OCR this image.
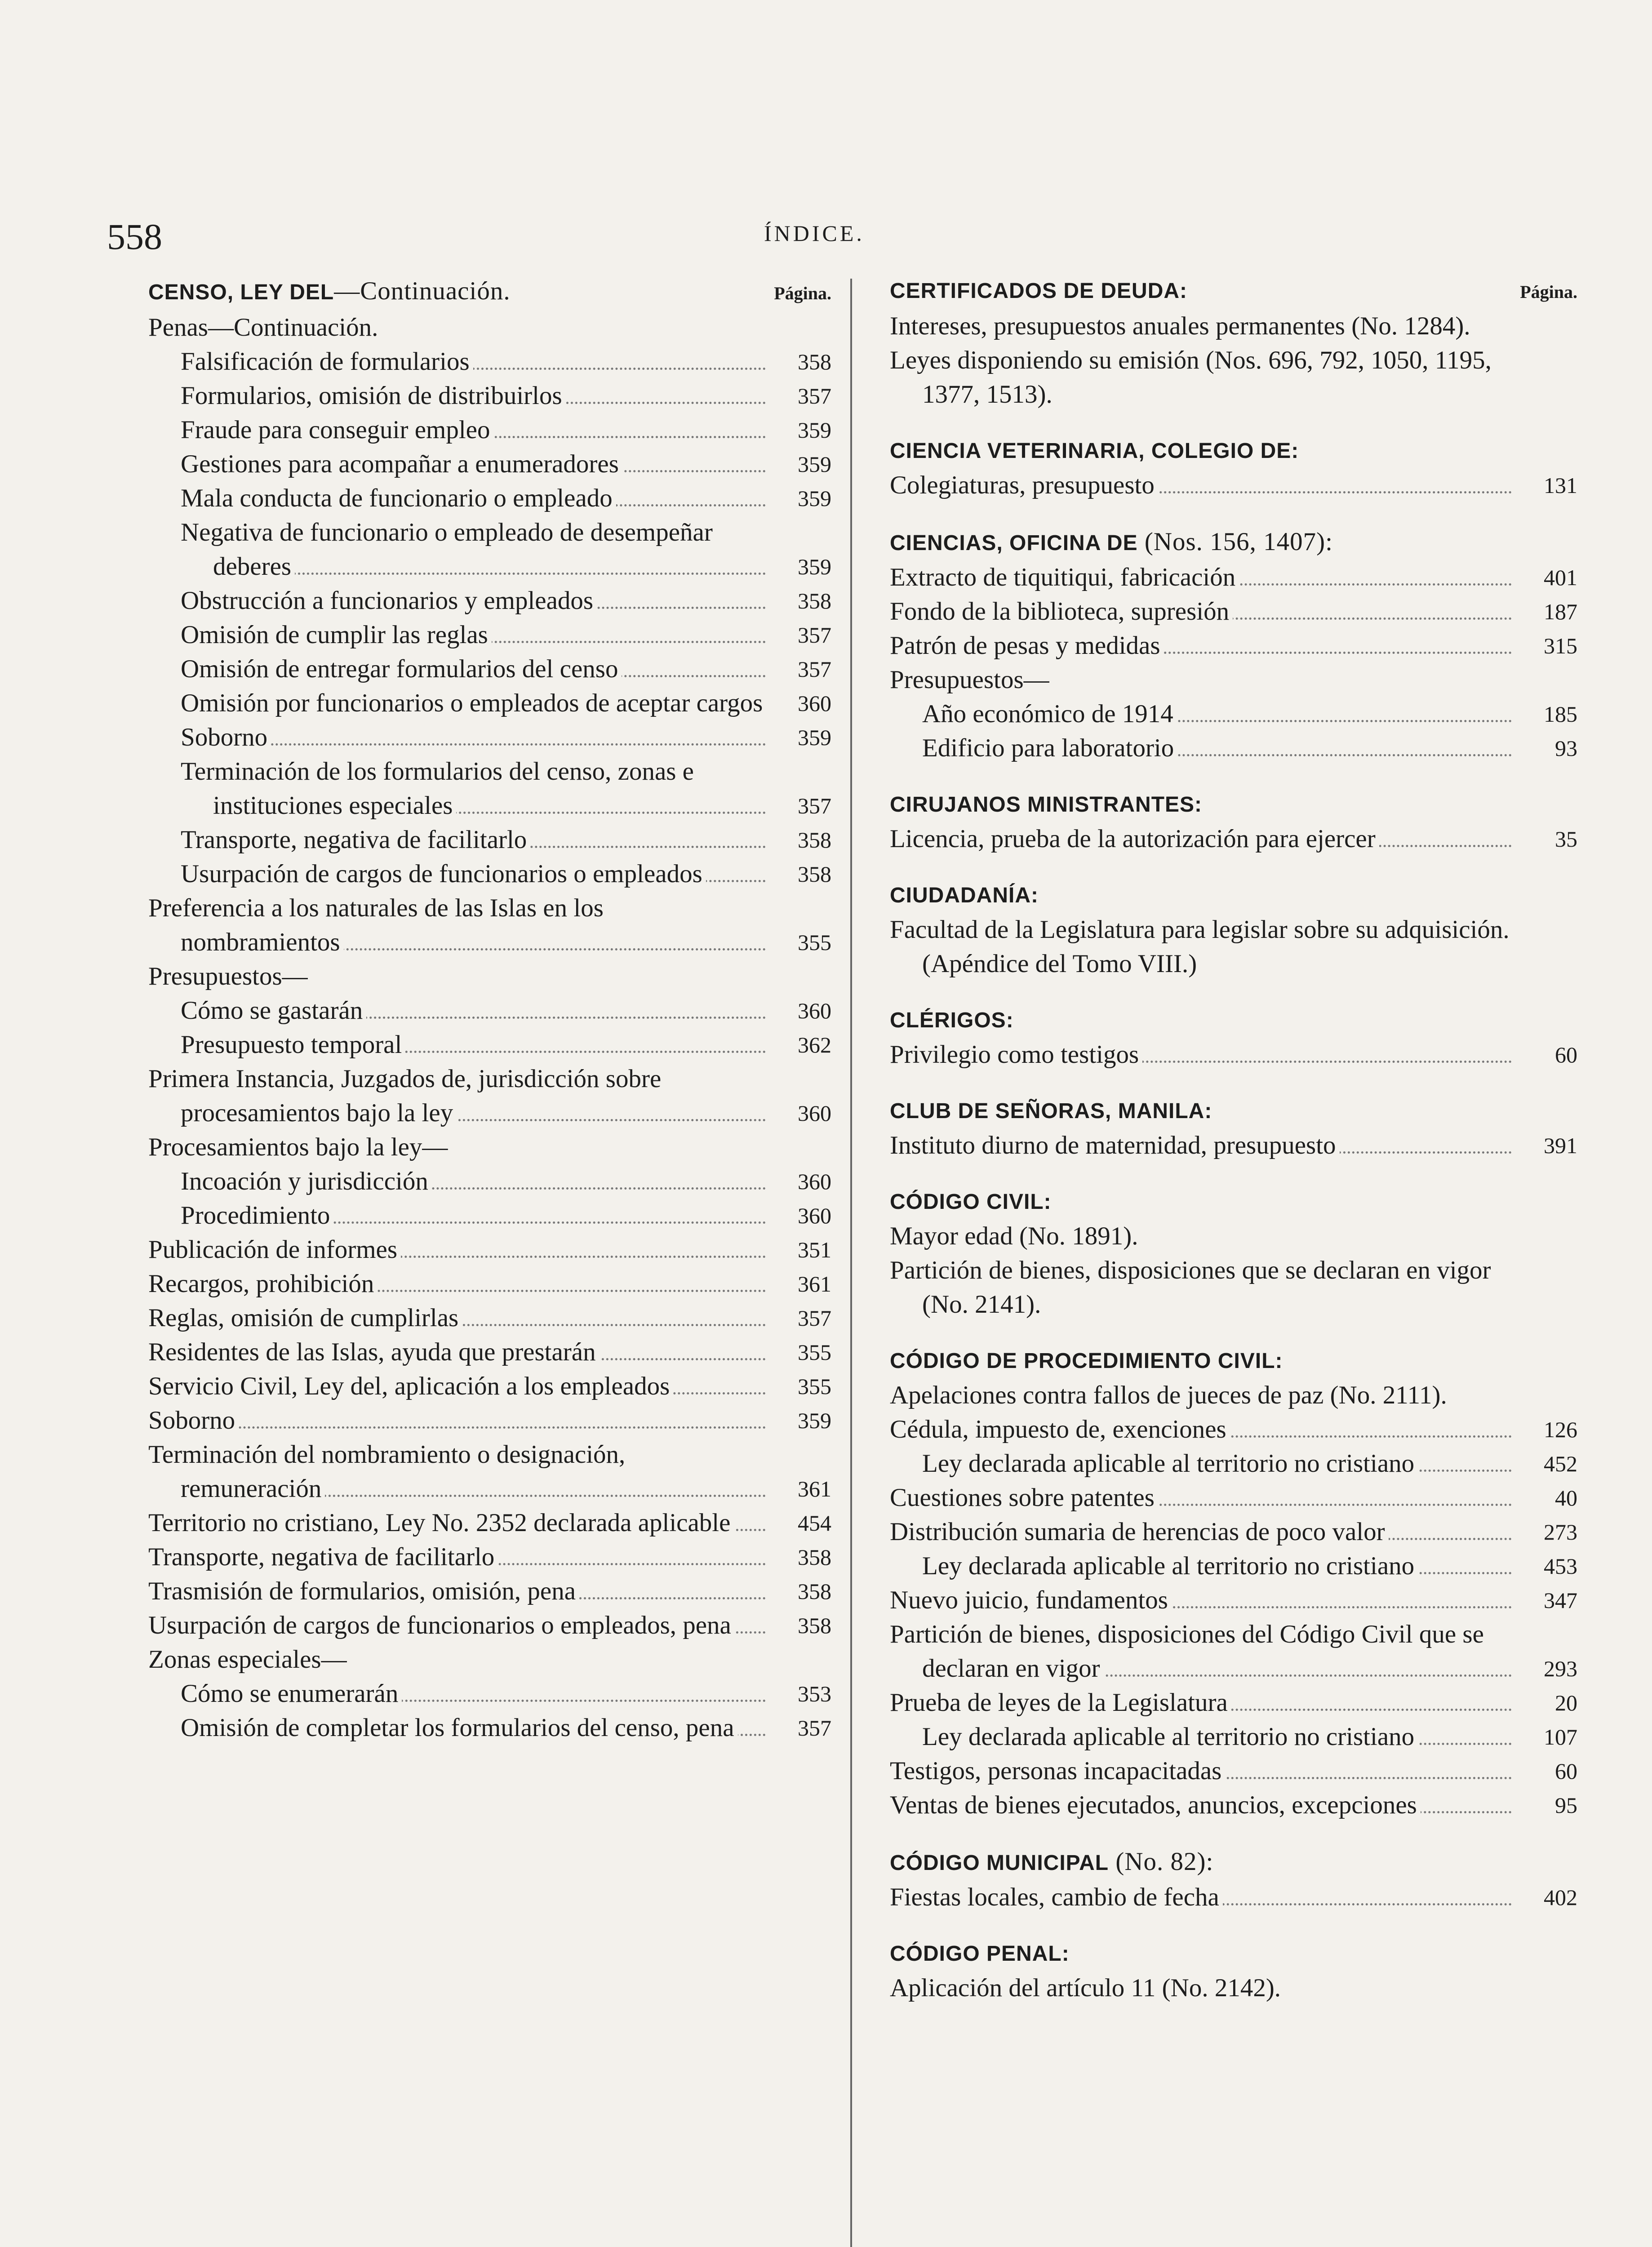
558	ÍNDICE.
CENSO, LEY DEL—Continuación.	Página.
Penas—Continuación.
Falsificación de formularios	358
Formularios, omisión de distribuirlos	357
Fraude para conseguir empleo	359
Gestiones para acompañar a enumeradores	359
Mala conducta de funcionario o empleado	359
Negativa de funcionario o empleado de desempeñar deberes	359
Obstrucción a funcionarios y empleados	358
Omisión de cumplir las reglas	357
Omisión de entregar formularios del censo	357
Omisión por funcionarios o empleados de aceptar cargos	360
Soborno	359
Terminación de los formularios del censo, zonas e instituciones especiales	357
Transporte, negativa de facilitarlo	358
Usurpación de cargos de funcionarios o empleados	358
Preferencia a los naturales de las Islas en los nombramientos	355
Presupuestos—
Cómo se gastarán	360
Presupuesto temporal	362
Primera Instancia, Juzgados de, jurisdicción sobre procesamientos bajo la ley	360
Procesamientos bajo la ley—
Incoación y jurisdicción	360
Procedimiento	360
Publicación de informes	351
Recargos, prohibición	361
Reglas, omisión de cumplirlas	357
Residentes de las Islas, ayuda que prestarán	355
Servicio Civil, Ley del, aplicación a los empleados	355
Soborno	359
Terminación del nombramiento o designación, remuneración	361
Territorio no cristiano, Ley No. 2352 declarada aplicable	454
Transporte, negativa de facilitarlo	358
Trasmisión de formularios, omisión, pena	358
Usurpación de cargos de funcionarios o empleados, pena	358
Zonas especiales—
Cómo se enumerarán	353
Omisión de completar los formularios del censo, pena	357
CERTIFICADOS DE DEUDA:	Página.
Intereses, presupuestos anuales permanentes (No. 1284).
Leyes disponiendo su emisión (Nos. 696, 792, 1050, 1195, 1377, 1513).
CIENCIA VETERINARIA, COLEGIO DE:
Colegiaturas, presupuesto	131
CIENCIAS, OFICINA DE (Nos. 156, 1407):
Extracto de tiquitiqui, fabricación	401
Fondo de la biblioteca, supresión	187
Patrón de pesas y medidas	315
Presupuestos—
Año económico de 1914	185
Edificio para laboratorio	93
CIRUJANOS MINISTRANTES:
Licencia, prueba de la autorización para ejercer	35
CIUDADANÍA:
Facultad de la Legislatura para legislar sobre su adquisición. (Apéndice del Tomo VIII.)
CLÉRIGOS:
Privilegio como testigos	60
CLUB DE SEÑORAS, MANILA:
Instituto diurno de maternidad, presupuesto	391
CÓDIGO CIVIL:
Mayor edad (No. 1891).
Partición de bienes, disposiciones que se declaran en vigor (No. 2141).
CÓDIGO DE PROCEDIMIENTO CIVIL:
Apelaciones contra fallos de jueces de paz (No. 2111).
Cédula, impuesto de, exenciones	126
Ley declarada aplicable al territorio no cristiano	452
Cuestiones sobre patentes	40
Distribución sumaria de herencias de poco valor	273
Ley declarada aplicable al territorio no cristiano	453
Nuevo juicio, fundamentos	347
Partición de bienes, disposiciones del Código Civil que se declaran en vigor	293
Prueba de leyes de la Legislatura	20
Ley declarada aplicable al territorio no cristiano	107
Testigos, personas incapacitadas	60
Ventas de bienes ejecutados, anuncios, excepciones	95
CÓDIGO MUNICIPAL (No. 82):
Fiestas locales, cambio de fecha	402
CÓDIGO PENAL:
Aplicación del artículo 11 (No. 2142).
